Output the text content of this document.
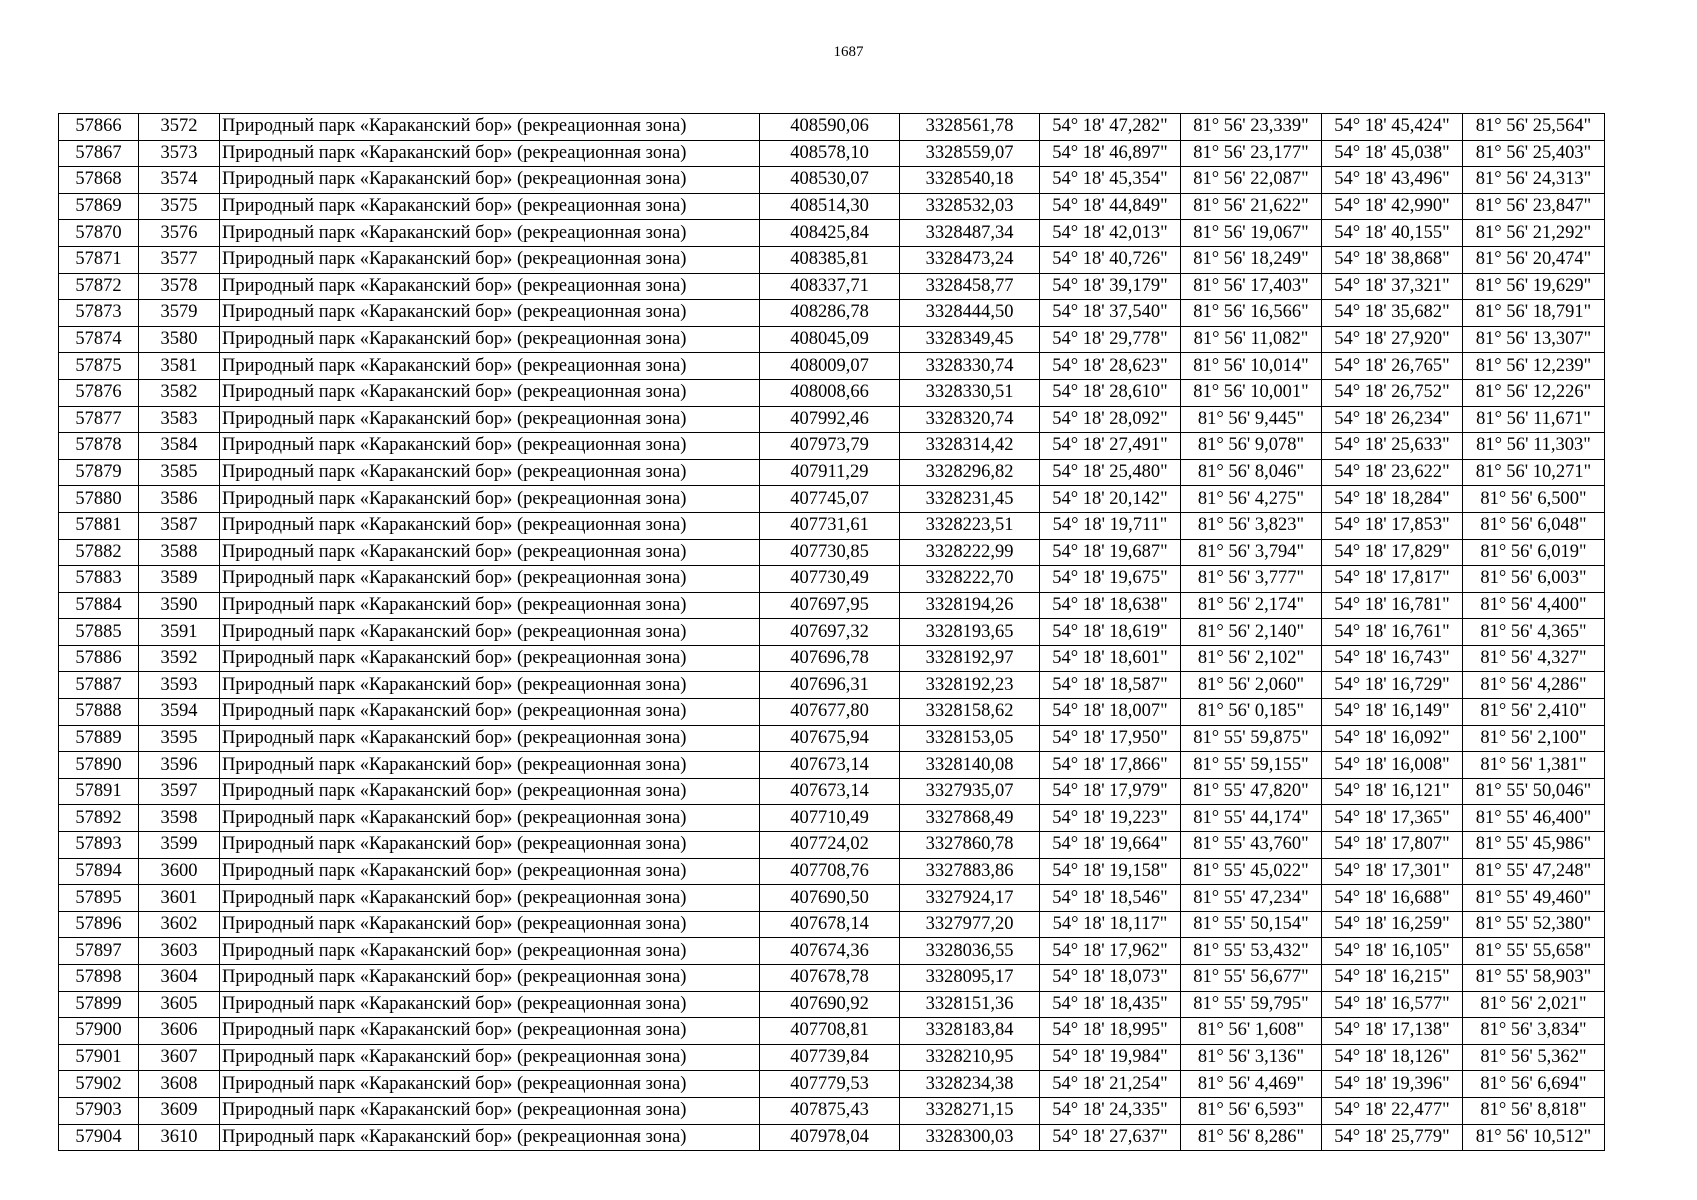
1687
57866	3572	Природный парк «Караканский бор» (рекреационная зона)	408590,06	3328561,78	54° 18' 47,282"	81° 56' 23,339"	54° 18' 45,424"	81° 56' 25,564"
57867	3573	Природный парк «Караканский бор» (рекреационная зона)	408578,10	3328559,07	54° 18' 46,897"	81° 56' 23,177"	54° 18' 45,038"	81° 56' 25,403"
57868	3574	Природный парк «Караканский бор» (рекреационная зона)	408530,07	3328540,18	54° 18' 45,354"	81° 56' 22,087"	54° 18' 43,496"	81° 56' 24,313"
57869	3575	Природный парк «Караканский бор» (рекреационная зона)	408514,30	3328532,03	54° 18' 44,849"	81° 56' 21,622"	54° 18' 42,990"	81° 56' 23,847"
57870	3576	Природный парк «Караканский бор» (рекреационная зона)	408425,84	3328487,34	54° 18' 42,013"	81° 56' 19,067"	54° 18' 40,155"	81° 56' 21,292"
57871	3577	Природный парк «Караканский бор» (рекреационная зона)	408385,81	3328473,24	54° 18' 40,726"	81° 56' 18,249"	54° 18' 38,868"	81° 56' 20,474"
57872	3578	Природный парк «Караканский бор» (рекреационная зона)	408337,71	3328458,77	54° 18' 39,179"	81° 56' 17,403"	54° 18' 37,321"	81° 56' 19,629"
57873	3579	Природный парк «Караканский бор» (рекреационная зона)	408286,78	3328444,50	54° 18' 37,540"	81° 56' 16,566"	54° 18' 35,682"	81° 56' 18,791"
57874	3580	Природный парк «Караканский бор» (рекреационная зона)	408045,09	3328349,45	54° 18' 29,778"	81° 56' 11,082"	54° 18' 27,920"	81° 56' 13,307"
57875	3581	Природный парк «Караканский бор» (рекреационная зона)	408009,07	3328330,74	54° 18' 28,623"	81° 56' 10,014"	54° 18' 26,765"	81° 56' 12,239"
57876	3582	Природный парк «Караканский бор» (рекреационная зона)	408008,66	3328330,51	54° 18' 28,610"	81° 56' 10,001"	54° 18' 26,752"	81° 56' 12,226"
57877	3583	Природный парк «Караканский бор» (рекреационная зона)	407992,46	3328320,74	54° 18' 28,092"	81° 56' 9,445"	54° 18' 26,234"	81° 56' 11,671"
57878	3584	Природный парк «Караканский бор» (рекреационная зона)	407973,79	3328314,42	54° 18' 27,491"	81° 56' 9,078"	54° 18' 25,633"	81° 56' 11,303"
57879	3585	Природный парк «Караканский бор» (рекреационная зона)	407911,29	3328296,82	54° 18' 25,480"	81° 56' 8,046"	54° 18' 23,622"	81° 56' 10,271"
57880	3586	Природный парк «Караканский бор» (рекреационная зона)	407745,07	3328231,45	54° 18' 20,142"	81° 56' 4,275"	54° 18' 18,284"	81° 56' 6,500"
57881	3587	Природный парк «Караканский бор» (рекреационная зона)	407731,61	3328223,51	54° 18' 19,711"	81° 56' 3,823"	54° 18' 17,853"	81° 56' 6,048"
57882	3588	Природный парк «Караканский бор» (рекреационная зона)	407730,85	3328222,99	54° 18' 19,687"	81° 56' 3,794"	54° 18' 17,829"	81° 56' 6,019"
57883	3589	Природный парк «Караканский бор» (рекреационная зона)	407730,49	3328222,70	54° 18' 19,675"	81° 56' 3,777"	54° 18' 17,817"	81° 56' 6,003"
57884	3590	Природный парк «Караканский бор» (рекреационная зона)	407697,95	3328194,26	54° 18' 18,638"	81° 56' 2,174"	54° 18' 16,781"	81° 56' 4,400"
57885	3591	Природный парк «Караканский бор» (рекреационная зона)	407697,32	3328193,65	54° 18' 18,619"	81° 56' 2,140"	54° 18' 16,761"	81° 56' 4,365"
57886	3592	Природный парк «Караканский бор» (рекреационная зона)	407696,78	3328192,97	54° 18' 18,601"	81° 56' 2,102"	54° 18' 16,743"	81° 56' 4,327"
57887	3593	Природный парк «Караканский бор» (рекреационная зона)	407696,31	3328192,23	54° 18' 18,587"	81° 56' 2,060"	54° 18' 16,729"	81° 56' 4,286"
57888	3594	Природный парк «Караканский бор» (рекреационная зона)	407677,80	3328158,62	54° 18' 18,007"	81° 56' 0,185"	54° 18' 16,149"	81° 56' 2,410"
57889	3595	Природный парк «Караканский бор» (рекреационная зона)	407675,94	3328153,05	54° 18' 17,950"	81° 55' 59,875"	54° 18' 16,092"	81° 56' 2,100"
57890	3596	Природный парк «Караканский бор» (рекреационная зона)	407673,14	3328140,08	54° 18' 17,866"	81° 55' 59,155"	54° 18' 16,008"	81° 56' 1,381"
57891	3597	Природный парк «Караканский бор» (рекреационная зона)	407673,14	3327935,07	54° 18' 17,979"	81° 55' 47,820"	54° 18' 16,121"	81° 55' 50,046"
57892	3598	Природный парк «Караканский бор» (рекреационная зона)	407710,49	3327868,49	54° 18' 19,223"	81° 55' 44,174"	54° 18' 17,365"	81° 55' 46,400"
57893	3599	Природный парк «Караканский бор» (рекреационная зона)	407724,02	3327860,78	54° 18' 19,664"	81° 55' 43,760"	54° 18' 17,807"	81° 55' 45,986"
57894	3600	Природный парк «Караканский бор» (рекреационная зона)	407708,76	3327883,86	54° 18' 19,158"	81° 55' 45,022"	54° 18' 17,301"	81° 55' 47,248"
57895	3601	Природный парк «Караканский бор» (рекреационная зона)	407690,50	3327924,17	54° 18' 18,546"	81° 55' 47,234"	54° 18' 16,688"	81° 55' 49,460"
57896	3602	Природный парк «Караканский бор» (рекреационная зона)	407678,14	3327977,20	54° 18' 18,117"	81° 55' 50,154"	54° 18' 16,259"	81° 55' 52,380"
57897	3603	Природный парк «Караканский бор» (рекреационная зона)	407674,36	3328036,55	54° 18' 17,962"	81° 55' 53,432"	54° 18' 16,105"	81° 55' 55,658"
57898	3604	Природный парк «Караканский бор» (рекреационная зона)	407678,78	3328095,17	54° 18' 18,073"	81° 55' 56,677"	54° 18' 16,215"	81° 55' 58,903"
57899	3605	Природный парк «Караканский бор» (рекреационная зона)	407690,92	3328151,36	54° 18' 18,435"	81° 55' 59,795"	54° 18' 16,577"	81° 56' 2,021"
57900	3606	Природный парк «Караканский бор» (рекреационная зона)	407708,81	3328183,84	54° 18' 18,995"	81° 56' 1,608"	54° 18' 17,138"	81° 56' 3,834"
57901	3607	Природный парк «Караканский бор» (рекреационная зона)	407739,84	3328210,95	54° 18' 19,984"	81° 56' 3,136"	54° 18' 18,126"	81° 56' 5,362"
57902	3608	Природный парк «Караканский бор» (рекреационная зона)	407779,53	3328234,38	54° 18' 21,254"	81° 56' 4,469"	54° 18' 19,396"	81° 56' 6,694"
57903	3609	Природный парк «Караканский бор» (рекреационная зона)	407875,43	3328271,15	54° 18' 24,335"	81° 56' 6,593"	54° 18' 22,477"	81° 56' 8,818"
57904	3610	Природный парк «Караканский бор» (рекреационная зона)	407978,04	3328300,03	54° 18' 27,637"	81° 56' 8,286"	54° 18' 25,779"	81° 56' 10,512"
